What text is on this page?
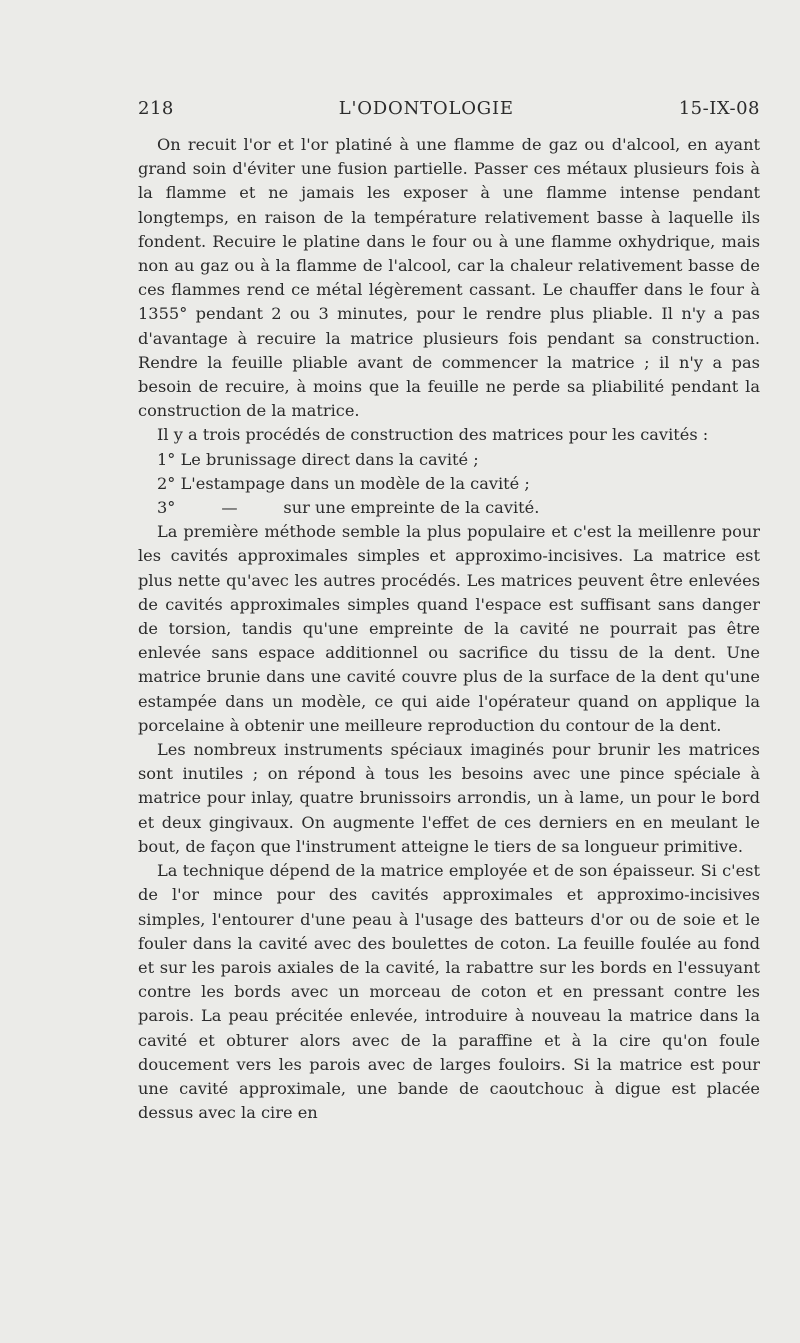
218	L'ODONTOLOGIE	15-IX-08

On recuit l'or et l'or platiné à une flamme de gaz ou d'alcool, en ayant grand soin d'éviter une fusion partielle. Passer ces métaux plusieurs fois à la flamme et ne jamais les exposer à une flamme intense pendant longtemps, en raison de la température relativement basse à laquelle ils fondent. Recuire le platine dans le four ou à une flamme oxhydrique, mais non au gaz ou à la flamme de l'alcool, car la chaleur relativement basse de ces flammes rend ce métal légèrement cassant. Le chauffer dans le four à 1355° pendant 2 ou 3 minutes, pour le rendre plus pliable. Il n'y a pas d'avantage à recuire la matrice plusieurs fois pendant sa construction. Rendre la feuille pliable avant de commencer la matrice ; il n'y a pas besoin de recuire, à moins que la feuille ne perde sa pliabilité pendant la construction de la matrice.

Il y a trois procédés de construction des matrices pour les cavités :

1° Le brunissage direct dans la cavité ;

2° L'estampage dans un modèle de la cavité ;

3°	—	sur une empreinte de la cavité.

La première méthode semble la plus populaire et c'est la meillenre pour les cavités approximales simples et approximo-incisives. La matrice est plus nette qu'avec les autres procédés. Les matrices peuvent être enlevées de cavités approximales simples quand l'espace est suffisant sans danger de torsion, tandis qu'une empreinte de la cavité ne pourrait pas être enlevée sans espace additionnel ou sacrifice du tissu de la dent. Une matrice brunie dans une cavité couvre plus de la surface de la dent qu'une estampée dans un modèle, ce qui aide l'opérateur quand on applique la porcelaine à obtenir une meilleure reproduction du contour de la dent.

Les nombreux instruments spéciaux imaginés pour brunir les matrices sont inutiles ; on répond à tous les besoins avec une pince spéciale à matrice pour inlay, quatre brunissoirs arrondis, un à lame, un pour le bord et deux gingivaux. On augmente l'effet de ces derniers en en meulant le bout, de façon que l'instrument atteigne le tiers de sa longueur primitive.

La technique dépend de la matrice employée et de son épaisseur. Si c'est de l'or mince pour des cavités approximales et approximo-incisives simples, l'entourer d'une peau à l'usage des batteurs d'or ou de soie et le fouler dans la cavité avec des boulettes de coton. La feuille foulée au fond et sur les parois axiales de la cavité, la rabattre sur les bords en l'essuyant contre les bords avec un morceau de coton et en pressant contre les parois. La peau précitée enlevée, introduire à nouveau la matrice dans la cavité et obturer alors avec de la paraffine et à la cire qu'on foule doucement vers les parois avec de larges fouloirs. Si la matrice est pour une cavité approximale, une bande de caoutchouc à digue est placée dessus avec la cire en
